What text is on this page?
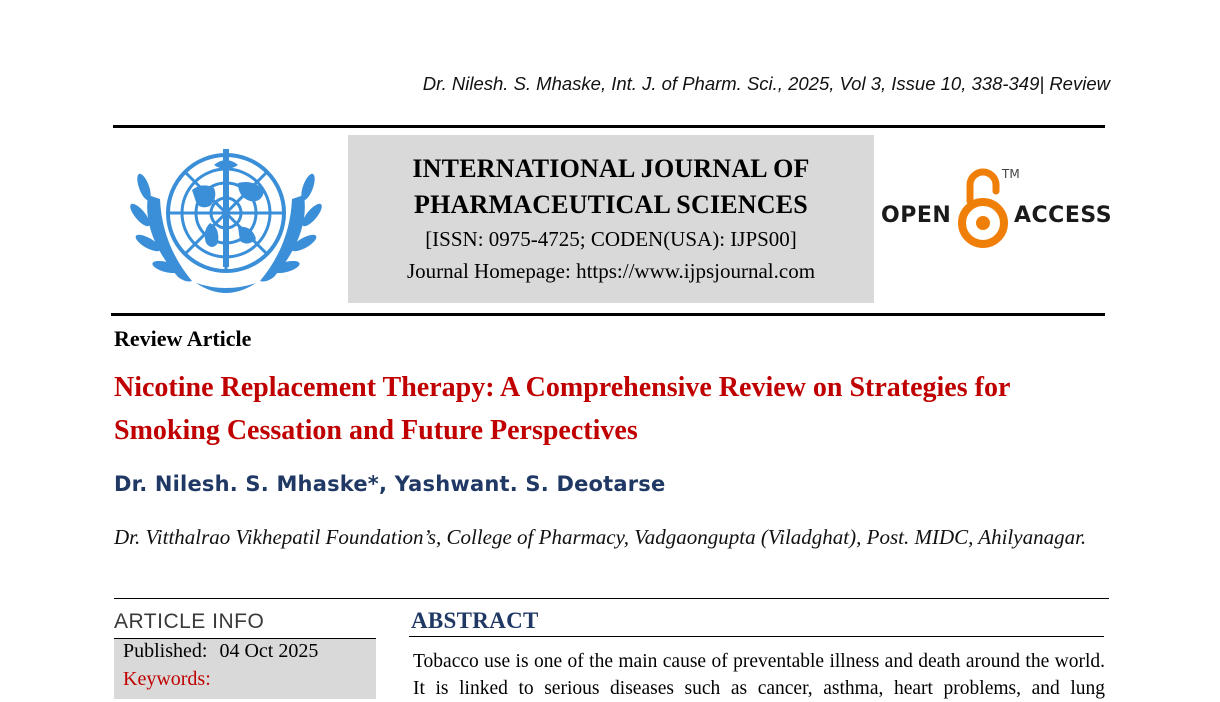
Dr. Nilesh. S. Mhaske, Int. J. of Pharm. Sci., 2025, Vol 3, Issue 10, 338-349| Review
INTERNATIONAL JOURNAL OF
PHARMACEUTICAL SCIENCES
[ISSN: 0975-4725; CODEN(USA): IJPS00]
Journal Homepage: https://www.ijpsjournal.com
OPEN
TM
ACCESS
Review Article
Nicotine Replacement Therapy: A Comprehensive Review on Strategies for Smoking Cessation and Future Perspectives
Dr. Nilesh. S. Mhaske*, Yashwant. S. Deotarse
Dr. Vitthalrao Vikhepatil Foundation’s, College of Pharmacy, Vadgaongupta (Viladghat), Post. MIDC, Ahilyanagar.
ARTICLE INFO
Published: 04 Oct 2025
Keywords:
ABSTRACT
Tobacco use is one of the main cause of preventable illness and death around the world. It is linked to serious diseases such as cancer, asthma, heart problems, and lung
